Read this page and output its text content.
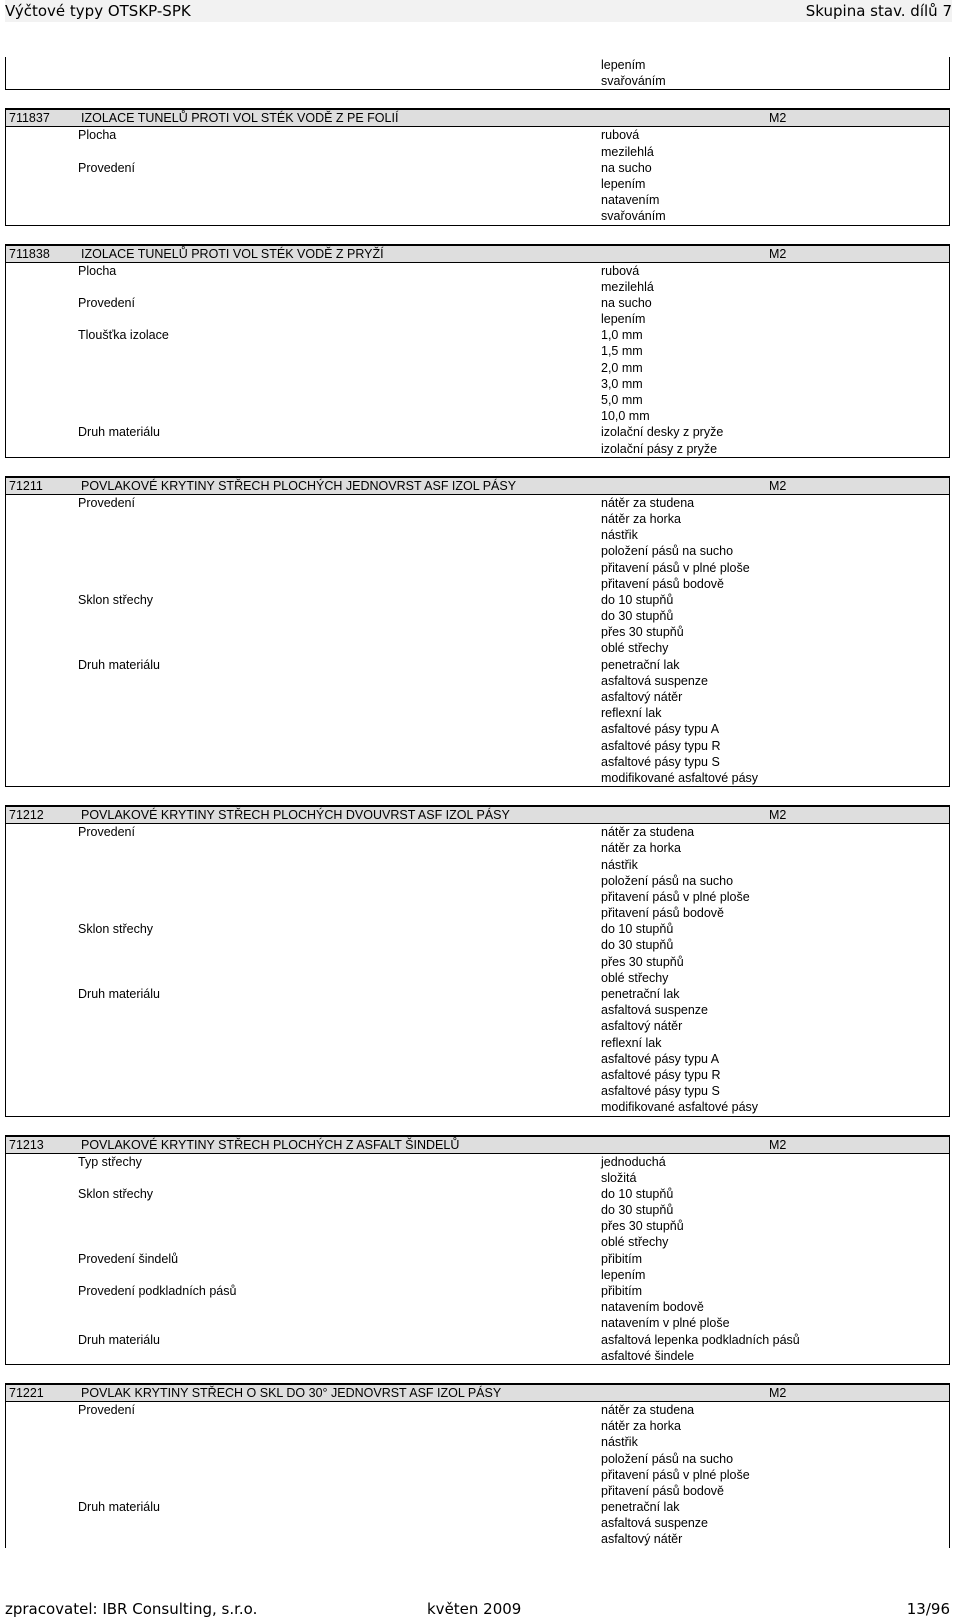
Výčtové typy OTSKP-SPK	Skupina stav. dílů 7
lepením
svařováním
711837	IZOLACE TUNELŮ PROTI VOL STÉK VODĚ Z PE FOLIÍ	M2
Plocha	rubová
mezilehlá
Provedení	na sucho
lepením
natavením
svařováním
711838	IZOLACE TUNELŮ PROTI VOL STÉK VODĚ Z PRYŽÍ	M2
Plocha	rubová
mezilehlá
Provedení	na sucho
lepením
Tloušťka izolace	1,0 mm
1,5 mm
2,0 mm
3,0 mm
5,0 mm
10,0 mm
Druh materiálu	izolační desky z pryže
izolační pásy z pryže
71211	POVLAKOVÉ KRYTINY STŘECH PLOCHÝCH JEDNOVRST ASF IZOL PÁSY	M2
Provedení	nátěr za studena
nátěr za horka
nástřik
položení pásů na sucho
přitavení pásů v plné ploše
přitavení pásů bodově
Sklon střechy	do 10 stupňů
do 30 stupňů
přes 30 stupňů
oblé střechy
Druh materiálu	penetrační lak
asfaltová suspenze
asfaltový nátěr
reflexní lak
asfaltové pásy typu A
asfaltové pásy typu R
asfaltové pásy typu S
modifikované asfaltové pásy
71212	POVLAKOVÉ KRYTINY STŘECH PLOCHÝCH DVOUVRST ASF IZOL PÁSY	M2
Provedení	nátěr za studena
nátěr za horka
nástřik
položení pásů na sucho
přitavení pásů v plné ploše
přitavení pásů bodově
Sklon střechy	do 10 stupňů
do 30 stupňů
přes 30 stupňů
oblé střechy
Druh materiálu	penetrační lak
asfaltová suspenze
asfaltový nátěr
reflexní lak
asfaltové pásy typu A
asfaltové pásy typu R
asfaltové pásy typu S
modifikované asfaltové pásy
71213	POVLAKOVÉ KRYTINY STŘECH PLOCHÝCH Z ASFALT ŠINDELŮ	M2
Typ střechy	jednoduchá
složitá
Sklon střechy	do 10 stupňů
do 30 stupňů
přes 30 stupňů
oblé střechy
Provedení šindelů	přibitím
lepením
Provedení podkladních pásů	přibitím
natavením bodově
natavením v plné ploše
Druh materiálu	asfaltová lepenka podkladních pásů
asfaltové šindele
71221	POVLAK KRYTINY STŘECH O SKL DO 30° JEDNOVRST ASF IZOL PÁSY	M2
Provedení	nátěr za studena
nátěr za horka
nástřik
položení pásů na sucho
přitavení pásů v plné ploše
přitavení pásů bodově
Druh materiálu	penetrační lak
asfaltová suspenze
asfaltový nátěr
zpracovatel: IBR Consulting, s.r.o.	květen 2009	13/96
